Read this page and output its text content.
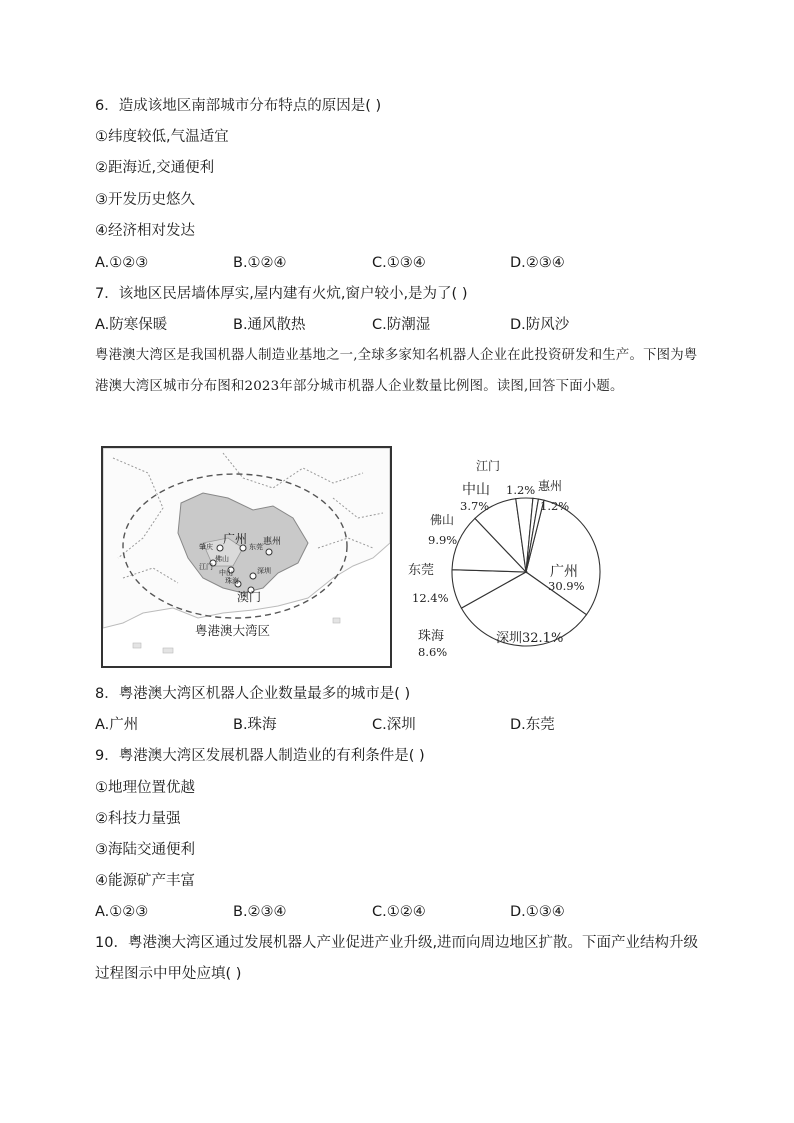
6．造成该地区南部城市分布特点的原因是( )
①纬度较低,气温适宜
②距海近,交通便利
③开发历史悠久
④经济相对发达
A.①②③	B.①②④	C.①③④	D.②③④
7．该地区民居墙体厚实,屋内建有火炕,窗户较小,是为了( )
A.防寒保暖	B.通风散热	C.防潮湿	D.防风沙
粤港澳大湾区是我国机器人制造业基地之一,全球多家知名机器人企业在此投资研发和生产。下图为粤港澳大湾区城市分布图和2023年部分城市机器人企业数量比例图。读图,回答下面小题。
广州
肇庆	东莞 惠州
江门
佛山
中山	深圳
珠海
澳门
粤港澳大湾区
广州
30.9%
深圳32.1%
珠海
8.6%
东莞
12.4%
佛山
9.9%
中山
3.7%
江门
1.2% 惠州
1.2%
8．粤港澳大湾区机器人企业数量最多的城市是( )
A.广州	B.珠海	C.深圳	D.东莞
9．粤港澳大湾区发展机器人制造业的有利条件是( )
①地理位置优越
②科技力量强
③海陆交通便利
④能源矿产丰富
A.①②③	B.②③④	C.①②④	D.①③④
10．粤港澳大湾区通过发展机器人产业促进产业升级,进而向周边地区扩散。下面产业结构升级过程图示中甲处应填( )
